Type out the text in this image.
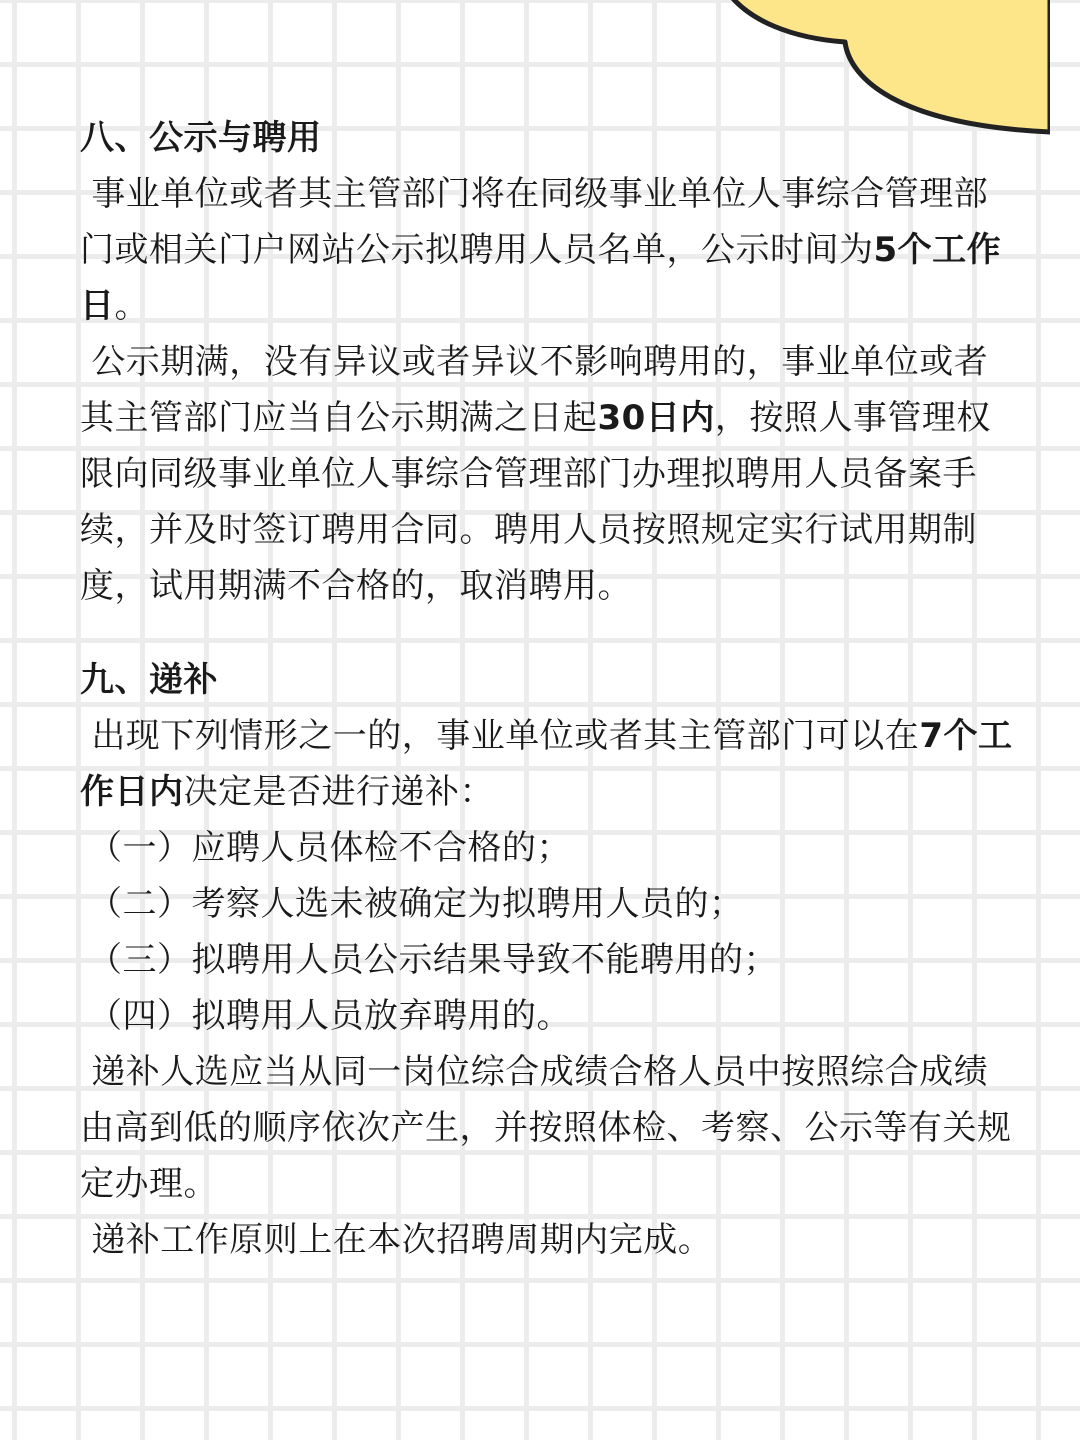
八、公示与聘用

事业单位或者其主管部门将在同级事业单位人事综合管理部门或相关门户网站公示拟聘用人员名单，公示时间为5个工作日。

公示期满，没有异议或者异议不影响聘用的，事业单位或者其主管部门应当自公示期满之日起30日内，按照人事管理权限向同级事业单位人事综合管理部门办理拟聘用人员备案手续，并及时签订聘用合同。聘用人员按照规定实行试用期制度，试用期满不合格的，取消聘用。

九、递补

出现下列情形之一的，事业单位或者其主管部门可以在7个工作日内决定是否进行递补：

（一）应聘人员体检不合格的；

（二）考察人选未被确定为拟聘用人员的；

（三）拟聘用人员公示结果导致不能聘用的；

（四）拟聘用人员放弃聘用的。

递补人选应当从同一岗位综合成绩合格人员中按照综合成绩由高到低的顺序依次产生，并按照体检、考察、公示等有关规定办理。

递补工作原则上在本次招聘周期内完成。
